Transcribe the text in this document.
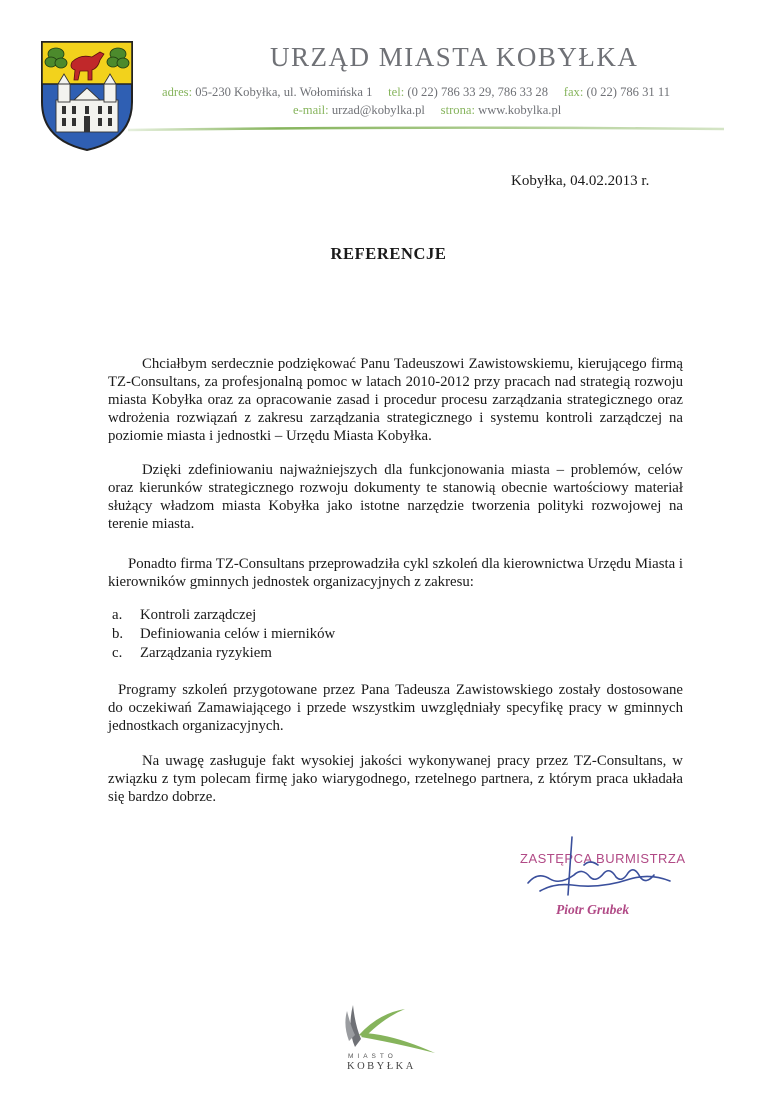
URZĄD MIASTA KOBYŁKA
adres: 05-230 Kobyłka, ul. Wołomińska 1 tel: (0 22) 786 33 29, 786 33 28 fax: (0 22) 786 31 11
e-mail: urzad@kobylka.pl strona: www.kobylka.pl
Kobyłka, 04.02.2013 r.
REFERENCJE
Chciałbym serdecznie podziękować Panu Tadeuszowi Zawistowskiemu, kierującego firmą TZ-Consultans, za profesjonalną pomoc w latach 2010-2012 przy pracach nad strategią rozwoju miasta Kobyłka oraz za opracowanie zasad i procedur procesu zarządzania strategicznego oraz wdrożenia rozwiązań z zakresu zarządzania strategicznego i systemu kontroli zarządczej na poziomie miasta i jednostki – Urzędu Miasta Kobyłka.
Dzięki zdefiniowaniu najważniejszych dla funkcjonowania miasta – problemów, celów oraz kierunków strategicznego rozwoju dokumenty te stanowią obecnie wartościowy materiał służący władzom miasta Kobyłka jako istotne narzędzie tworzenia polityki rozwojowej na terenie miasta.
Ponadto firma TZ-Consultans przeprowadziła cykl szkoleń dla kierownictwa Urzędu Miasta i kierowników gminnych jednostek organizacyjnych z zakresu:
a. Kontroli zarządczej
b. Definiowania celów i mierników
c. Zarządzania ryzykiem
Programy szkoleń przygotowane przez Pana Tadeusza Zawistowskiego zostały dostosowane do oczekiwań Zamawiającego i przede wszystkim uwzględniały specyfikę pracy w gminnych jednostkach organizacyjnych.
Na uwagę zasługuje fakt wysokiej jakości wykonywanej pracy przez TZ-Consultans, w związku z tym polecam firmę jako wiarygodnego, rzetelnego partnera, z którym praca układała się bardzo dobrze.
ZASTĘPCA BURMISTRZA
Piotr Grubek
MIASTO
KOBYŁKA
